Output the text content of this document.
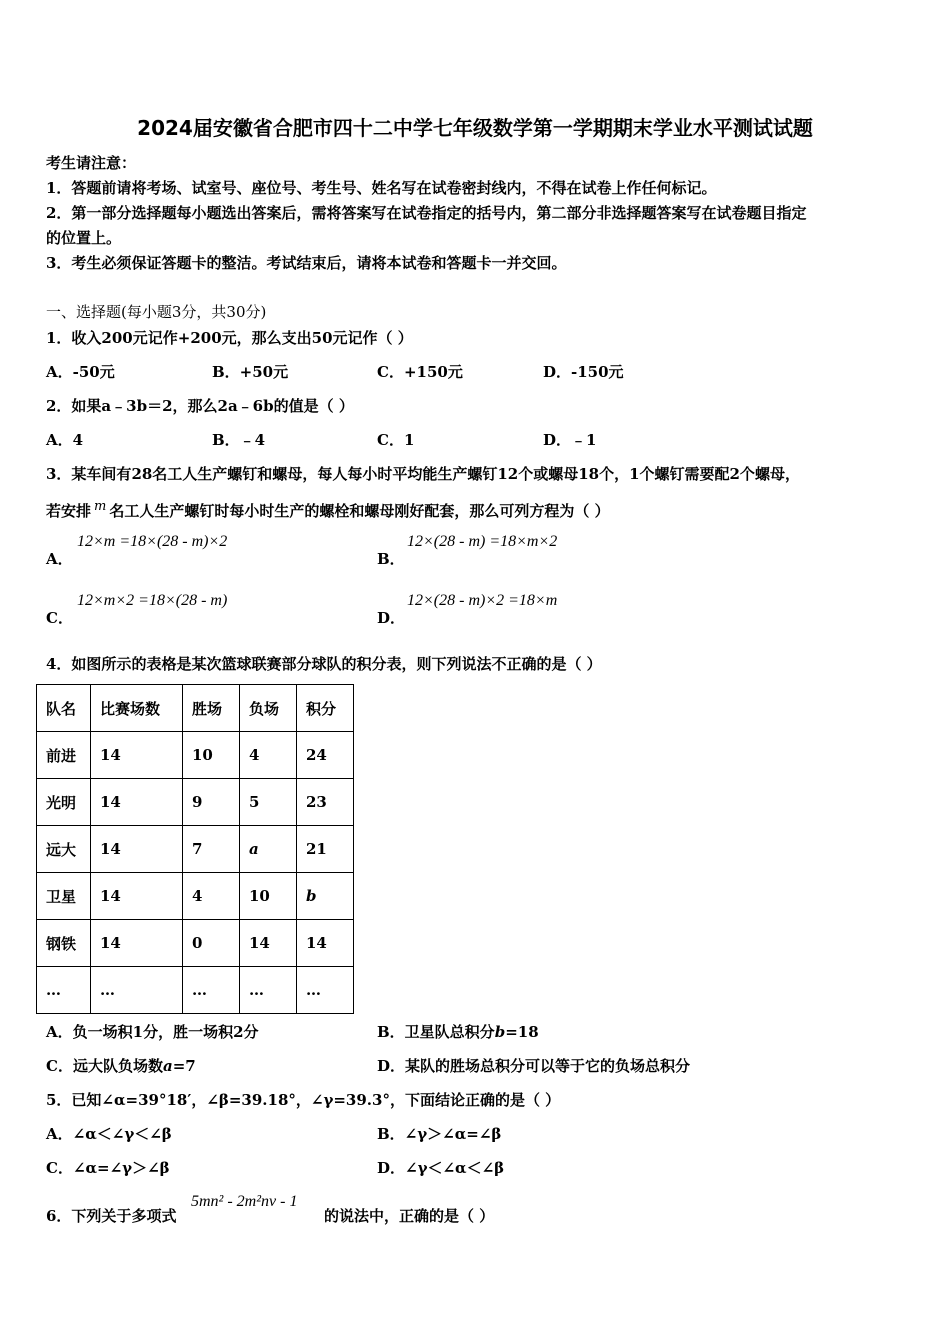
2024届安徽省合肥市四十二中学七年级数学第一学期期末学业水平测试试题
考生请注意：
1．答题前请将考场、试室号、座位号、考生号、姓名写在试卷密封线内，不得在试卷上作任何标记。
2．第一部分选择题每小题选出答案后，需将答案写在试卷指定的括号内，第二部分非选择题答案写在试卷题目指定
的位置上。
3．考生必须保证答题卡的整洁。考试结束后，请将本试卷和答题卡一并交回。
一、选择题(每小题3分，共30分)
1．收入200元记作+200元，那么支出50元记作（ ）
A．-50元	B．+50元	C．+150元	D．-150元
2．如果a﹣3b＝2，那么2a﹣6b的值是（ ）
A．4	B．﹣4	C．1	D．﹣1
3．某车间有28名工人生产螺钉和螺母，每人每小时平均能生产螺钉12个或螺母18个，1个螺钉需要配2个螺母，
若安排 m 名工人生产螺钉时每小时生产的螺栓和螺母刚好配套，那么可列方程为（ ）
A．
12×m =18×(28 - m)×2
B．
12×(28 - m) =18×m×2
C．
12×m×2 =18×(28 - m)
D．
12×(28 - m)×2 =18×m
4．如图所示的表格是某次篮球联赛部分球队的积分表，则下列说法不正确的是（ ）
队名	比赛场数	胜场	负场	积分
前进	14	10	4	24
光明	14	9	5	23
远大	14	7	a	21
卫星	14	4	10	b
钢铁	14	0	14	14
…	…	…	…	…
A．负一场积1分，胜一场积2分	B．卫星队总积分b=18
C．远大队负场数a=7	D．某队的胜场总积分可以等于它的负场总积分
5．已知∠α=39°18′，∠β=39.18°，∠γ=39.3°，下面结论正确的是（ ）
A．∠α＜∠γ＜∠β	B．∠γ＞∠α=∠β
C．∠α=∠γ＞∠β	D．∠γ＜∠α＜∠β
6．下列关于多项式
5mn² - 2m²nv - 1
的说法中，正确的是（ ）
